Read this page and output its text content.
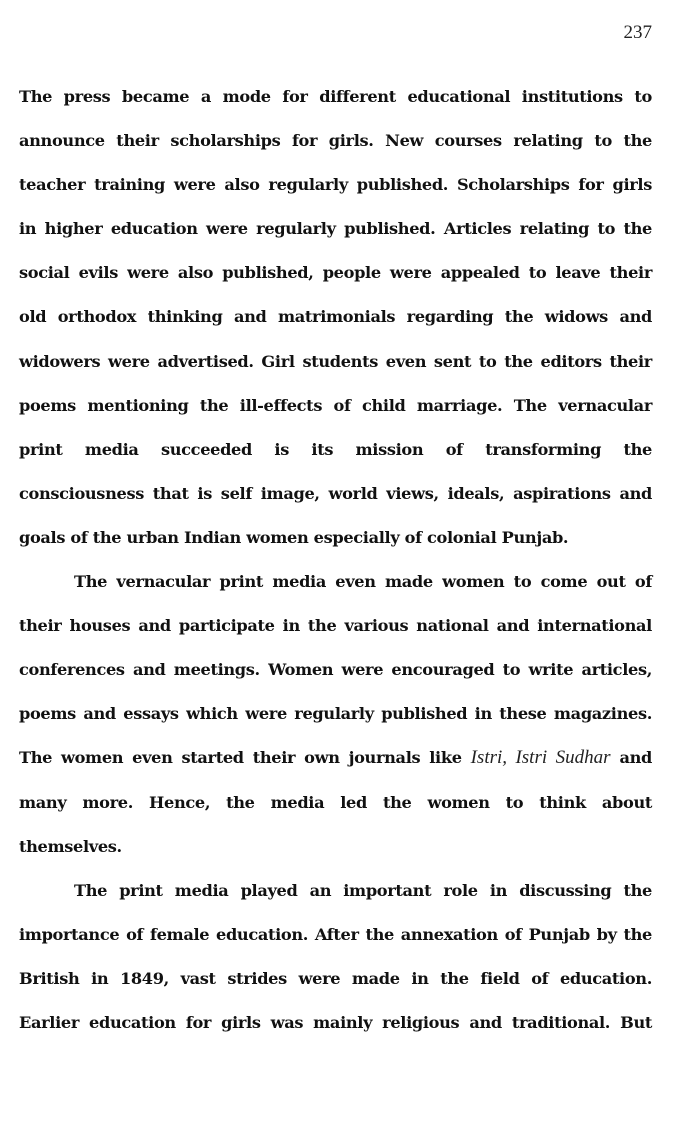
237
The press became a mode for different educational institutions to
announce their scholarships for girls. New courses relating to the
teacher training were also regularly published. Scholarships for girls
in higher education were regularly published. Articles relating to the
social evils were also published, people were appealed to leave their
old orthodox thinking and matrimonials regarding the widows and
widowers were advertised. Girl students even sent to the editors their
poems mentioning the ill-effects of child marriage. The vernacular
print media succeeded is its mission of transforming the
consciousness that is self image, world views, ideals, aspirations and
goals of the urban Indian women especially of colonial Punjab.
The vernacular print media even made women to come out of
their houses and participate in the various national and international
conferences and meetings. Women were encouraged to write articles,
poems and essays which were regularly published in these magazines.
The women even started their own journals like Istri, Istri Sudhar and
many more. Hence, the media led the women to think about
themselves.
The print media played an important role in discussing the
importance of female education. After the annexation of Punjab by the
British in 1849, vast strides were made in the field of education.
Earlier education for girls was mainly religious and traditional. But
